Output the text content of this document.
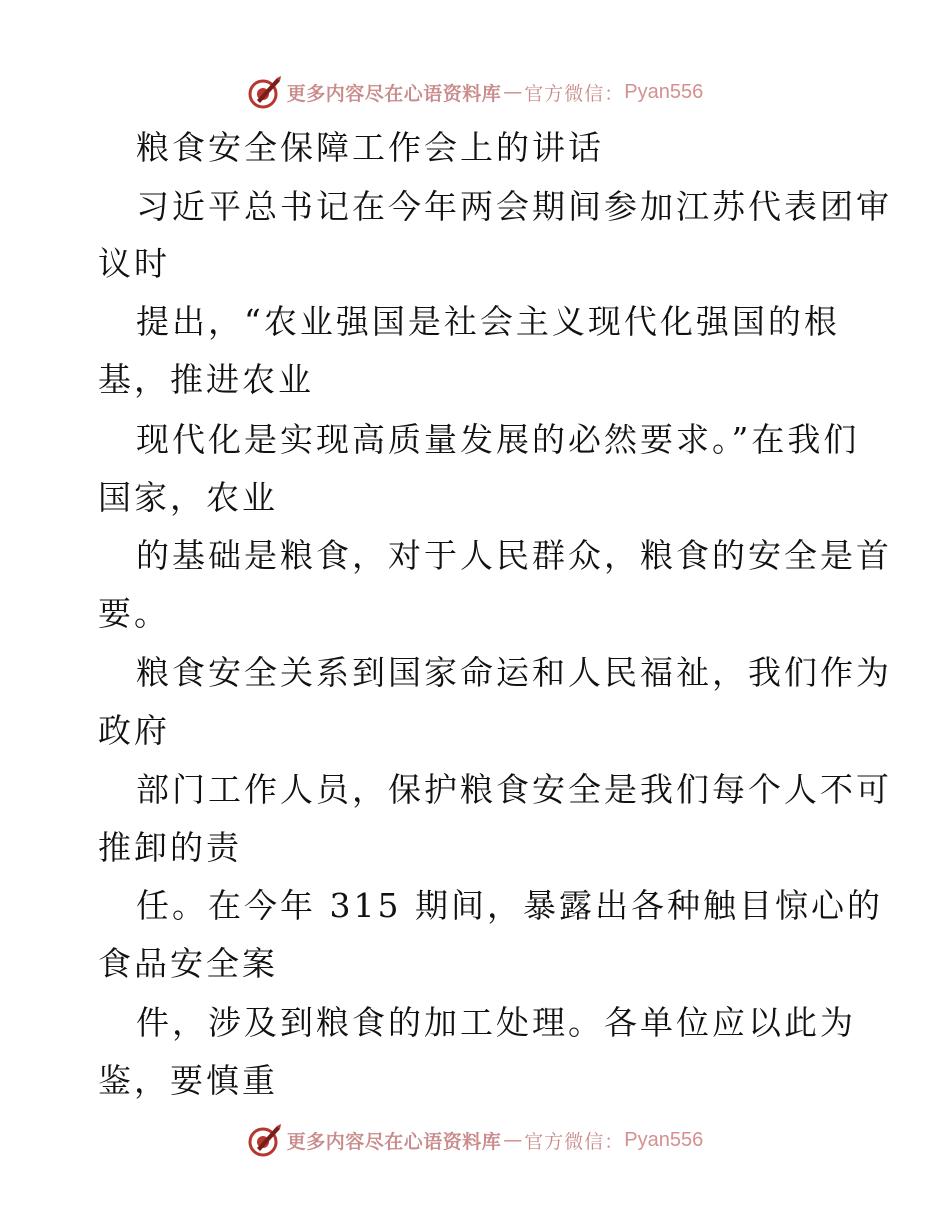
更多内容尽在心语资料库 — 官方微信： Pyan556
粮食安全保障工作会上的讲话
习近平总书记在今年两会期间参加江苏代表团审
议时
提出，“农业强国是社会主义现代化强国的根
基，推进农业
现代化是实现高质量发展的必然要求。”在我们
国家，农业
的基础是粮食，对于人民群众，粮食的安全是首
要。
粮食安全关系到国家命运和人民福祉，我们作为
政府
部门工作人员，保护粮食安全是我们每个人不可
推卸的责
任。在今年 315 期间，暴露出各种触目惊心的
食品安全案
件，涉及到粮食的加工处理。各单位应以此为
鉴，要慎重
更多内容尽在心语资料库 — 官方微信： Pyan556
